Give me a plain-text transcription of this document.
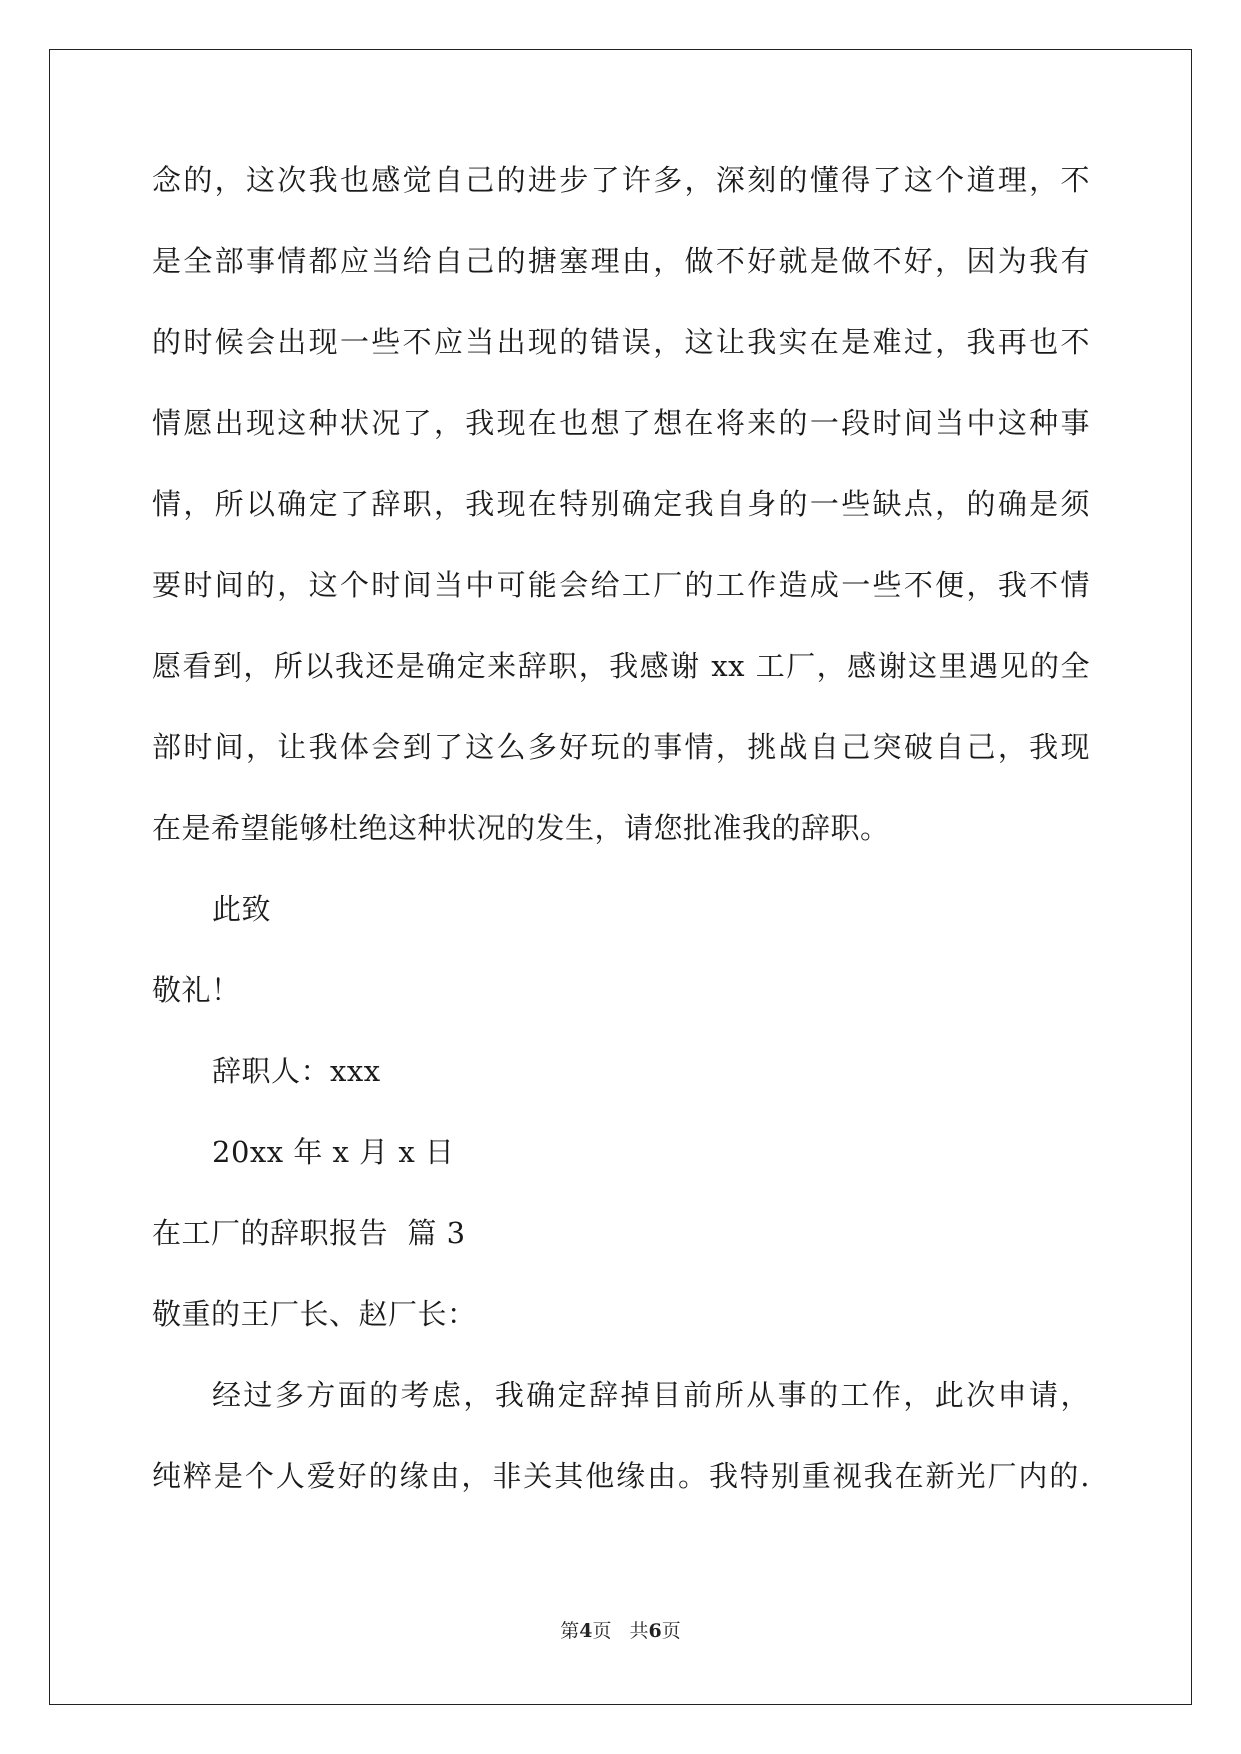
念的，这次我也感觉自己的进步了许多，深刻的懂得了这个道理，不
是全部事情都应当给自己的搪塞理由，做不好就是做不好，因为我有
的时候会出现一些不应当出现的错误，这让我实在是难过，我再也不
情愿出现这种状况了，我现在也想了想在将来的一段时间当中这种事
情，所以确定了辞职，我现在特别确定我自身的一些缺点，的确是须
要时间的，这个时间当中可能会给工厂的工作造成一些不便，我不情
愿看到，所以我还是确定来辞职，我感谢 xx 工厂，感谢这里遇见的全
部时间，让我体会到了这么多好玩的事情，挑战自己突破自己，我现
在是希望能够杜绝这种状况的发生，请您批准我的辞职。
此致
敬礼！
辞职人：xxx
20xx 年 x 月 x 日
在工厂的辞职报告  篇 3
敬重的王厂长、赵厂长：
经过多方面的考虑，我确定辞掉目前所从事的工作，此次申请，
纯粹是个人爱好的缘由，非关其他缘由。我特别重视我在新光厂内的.
第4页 共6页
